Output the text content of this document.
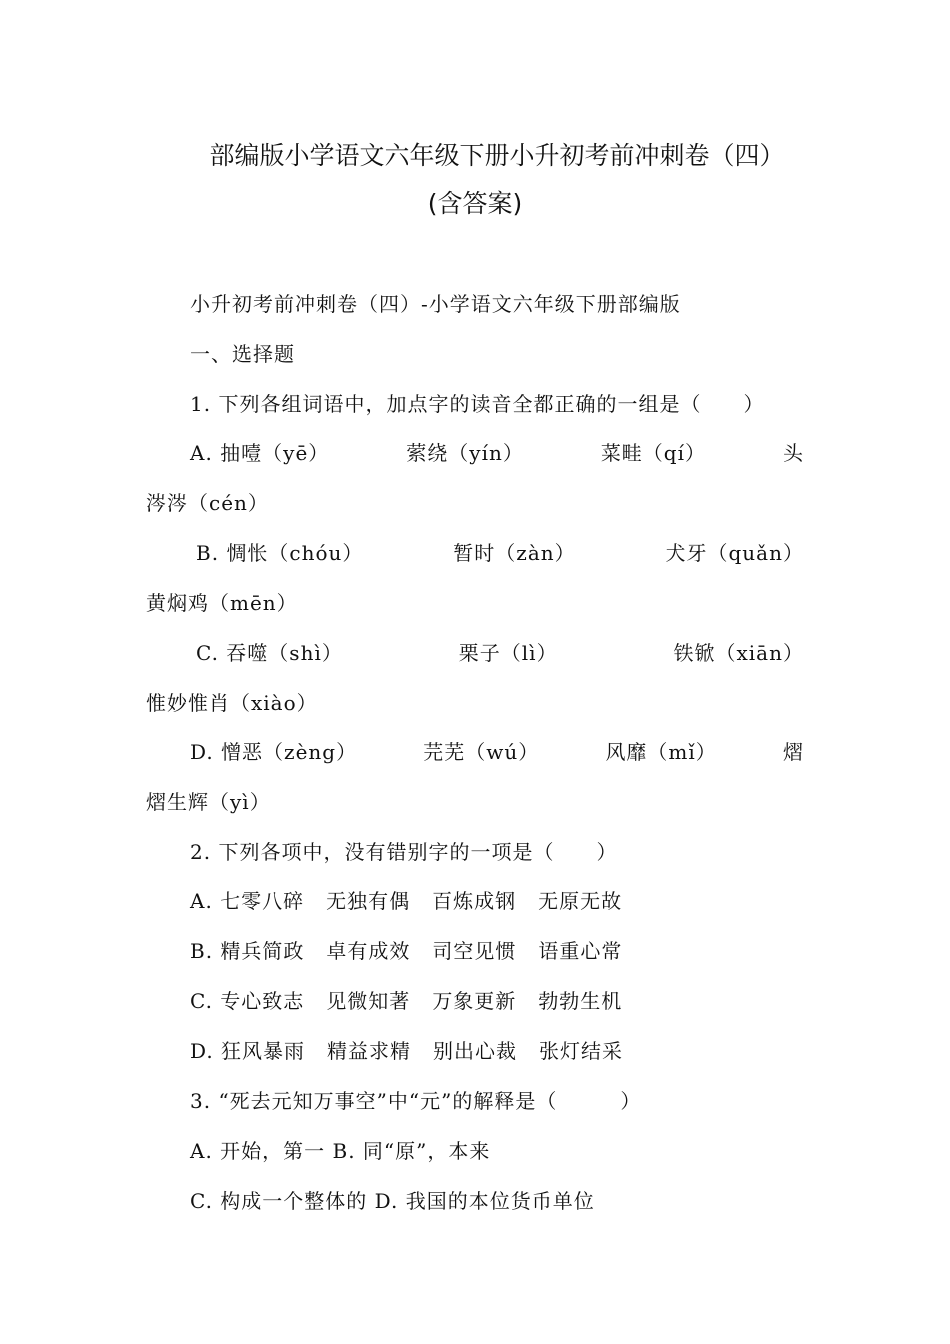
部编版小学语文六年级下册小升初考前冲刺卷（四）
(含答案)
小升初考前冲刺卷（四）-小学语文六年级下册部编版
一、选择题
1. 下列各组词语中，加点字的读音全都正确的一组是（　　）
A. 抽噎（yē）	萦绕（yín）	菜畦（qí）	头
涔涔（cén）
B. 惆怅（chóu）	暂时（zàn）	犬牙（quǎn）
黄焖鸡（mēn）
C. 吞噬（shì）	栗子（lì）	铁锨（xiān）
惟妙惟肖（xiào）
D. 憎恶（zèng）	芫芜（wú）	风靡（mǐ）	熠
熠生辉（yì）
2. 下列各项中，没有错别字的一项是（　　）
A. 七零八碎 无独有偶 百炼成钢 无原无故
B. 精兵简政 卓有成效 司空见惯 语重心常
C. 专心致志 见微知著 万象更新 勃勃生机
D. 狂风暴雨 精益求精 别出心裁 张灯结采
3. “死去元知万事空”中“元”的解释是（　　　）
A. 开始，第一 B. 同“原”，本来
C. 构成一个整体的 D. 我国的本位货币单位
